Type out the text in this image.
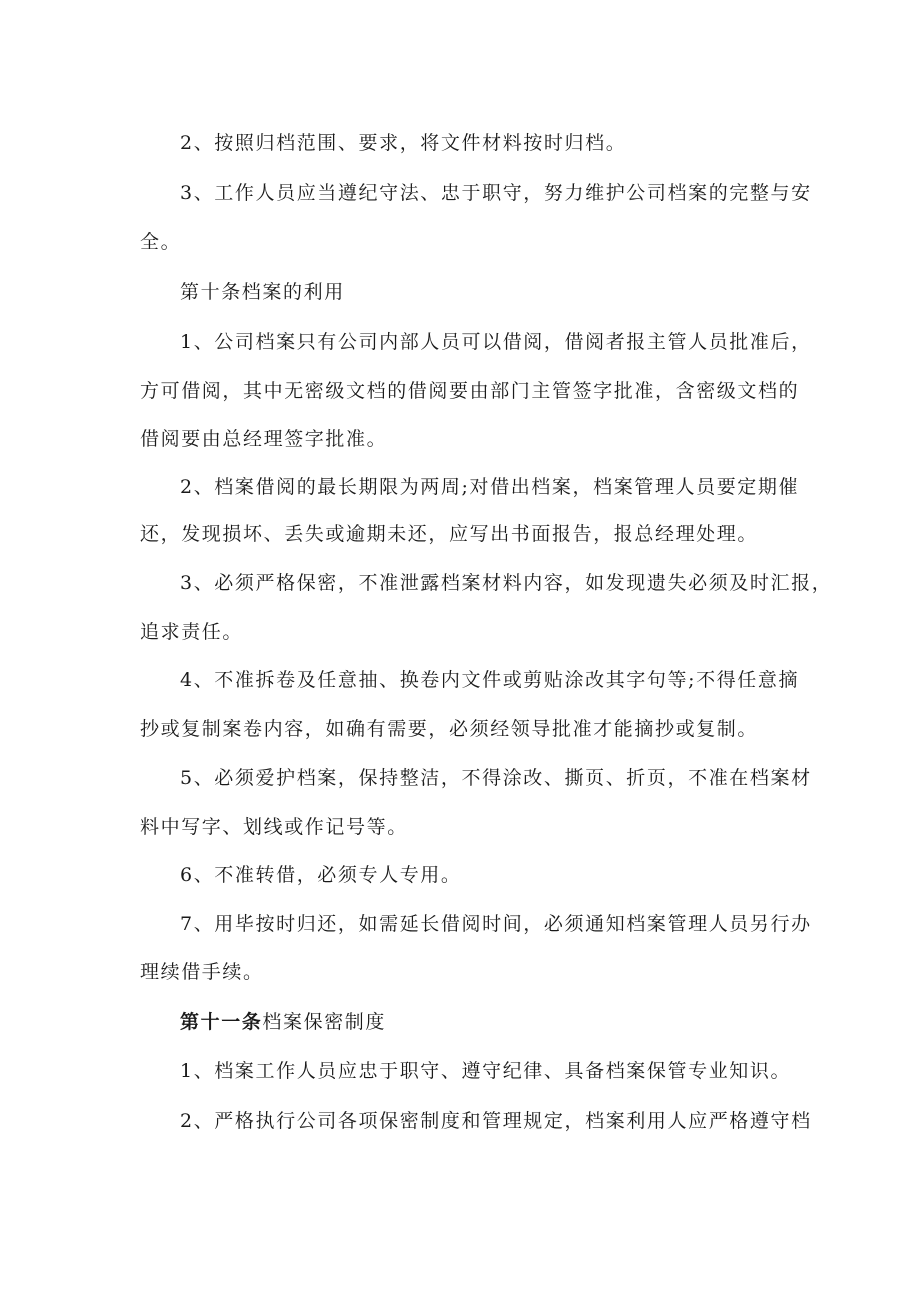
2、按照归档范围、要求，将文件材料按时归档。
3、工作人员应当遵纪守法、忠于职守，努力维护公司档案的完整与安
全。
第十条档案的利用
1、公司档案只有公司内部人员可以借阅，借阅者报主管人员批准后，
方可借阅，其中无密级文档的借阅要由部门主管签字批准，含密级文档的
借阅要由总经理签字批准。
2、档案借阅的最长期限为两周;对借出档案，档案管理人员要定期催
还，发现损坏、丢失或逾期未还，应写出书面报告，报总经理处理。
3、必须严格保密，不准泄露档案材料内容，如发现遗失必须及时汇报，
追求责任。
4、不准拆卷及任意抽、换卷内文件或剪贴涂改其字句等;不得任意摘
抄或复制案卷内容，如确有需要，必须经领导批准才能摘抄或复制。
5、必须爱护档案，保持整洁，不得涂改、撕页、折页，不准在档案材
料中写字、划线或作记号等。
6、不准转借，必须专人专用。
7、用毕按时归还，如需延长借阅时间，必须通知档案管理人员另行办
理续借手续。
第十一条档案保密制度
1、档案工作人员应忠于职守、遵守纪律、具备档案保管专业知识。
2、严格执行公司各项保密制度和管理规定，档案利用人应严格遵守档
